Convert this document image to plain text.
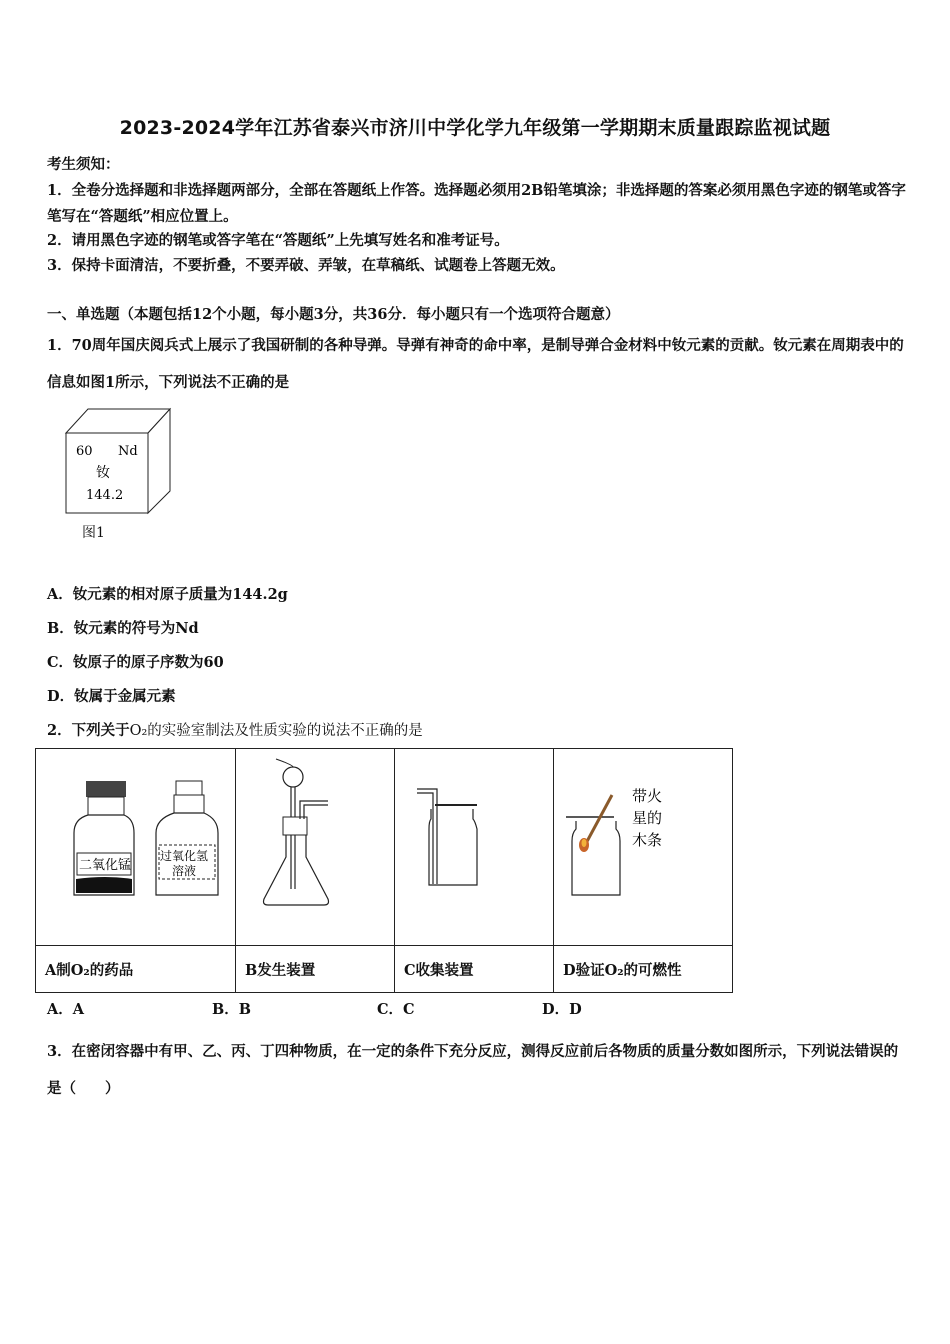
2023-2024学年江苏省泰兴市济川中学化学九年级第一学期期末质量跟踪监视试题
考生须知：
1．全卷分选择题和非选择题两部分，全部在答题纸上作答。选择题必须用2B铅笔填涂；非选择题的答案必须用黑色字迹的钢笔或答字笔写在“答题纸”相应位置上。
2．请用黑色字迹的钢笔或答字笔在“答题纸”上先填写姓名和准考证号。
3．保持卡面清洁，不要折叠，不要弄破、弄皱，在草稿纸、试题卷上答题无效。
一、单选题（本题包括12个小题，每小题3分，共36分．每小题只有一个选项符合题意）
1．70周年国庆阅兵式上展示了我国研制的各种导弹。导弹有神奇的命中率，是制导弹合金材料中钕元素的贡献。钕元素在周期表中的信息如图1所示，下列说法不正确的是
60 Nd
钕
144.2
图1
A．钕元素的相对原子质量为144.2g
B．钕元素的符号为Nd
C．钕原子的原子序数为60
D．钕属于金属元素
2．下列关于O₂的实验室制法及性质实验的说法不正确的是
二氧化锰
过氧化氢
溶液			带火
星的
木条

A制O₂的药品	B发生装置	C收集装置	D验证O₂的可燃性
A．A	B．B	C．C	D．D
3．在密闭容器中有甲、乙、丙、丁四种物质，在一定的条件下充分反应，测得反应前后各物质的质量分数如图所示，下列说法错误的是（　　）
